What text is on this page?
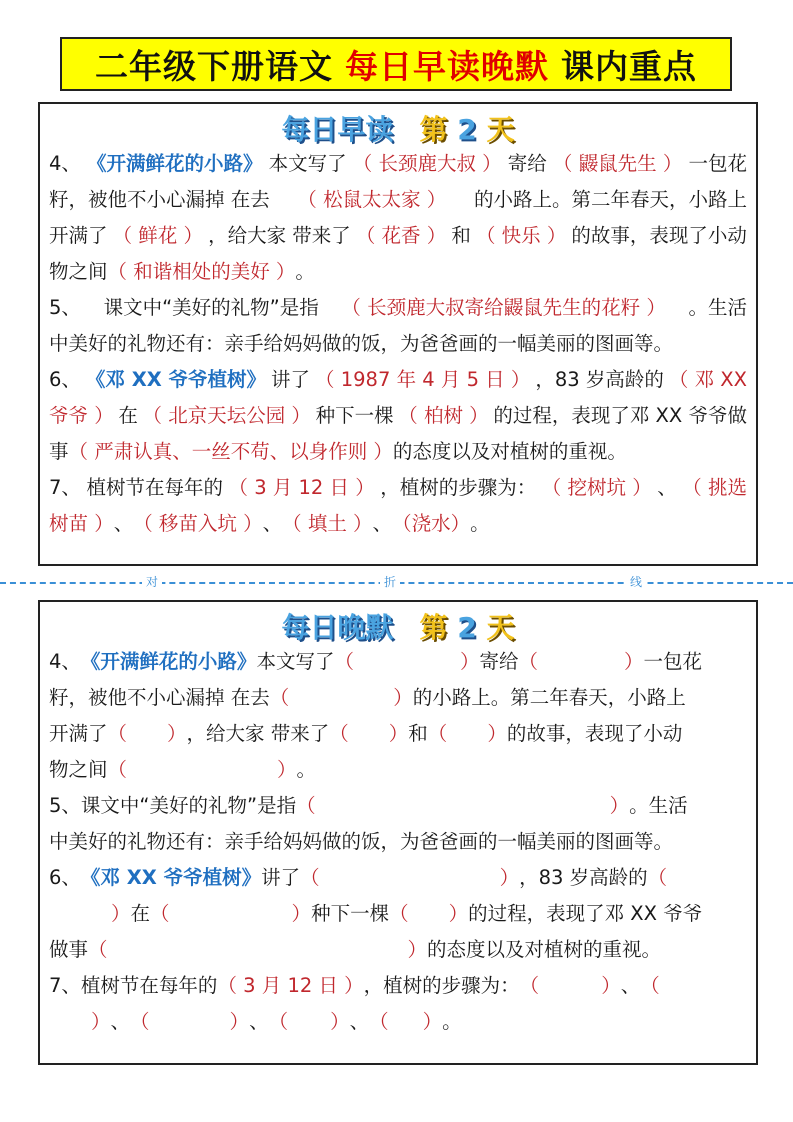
二年级下册语文 每日早读晚默 课内重点
每日早读 第 2 天
4、 《开满鲜花的小路》 本文写了 （ 长颈鹿大叔 ） 寄给 （ 鼹鼠先生 ） 一包花
籽，被他不小心漏掉 在去 （ 松鼠太太家 ） 的小路上。第二年春天，小路上
开满了 （ 鲜花 ） ，给大家 带来了 （ 花香 ） 和 （ 快乐 ） 的故事，表现了小动
物之间 （ 和谐相处的美好 ） 。
5、 课文中“美好的礼物”是指 （ 长颈鹿大叔寄给鼹鼠先生的花籽 ） 。生活
中美好的礼物还有：亲手给妈妈做的饭，为爸爸画的一幅美丽的图画等。
6、 《邓 XX 爷爷植树》 讲了 （ 1987 年 4 月 5 日 ） ，83 岁高龄的 （ 邓 XX
爷爷 ） 在 （ 北京天坛公园 ） 种下一棵 （ 柏树 ） 的过程，表现了邓 XX 爷爷做
事 （ 严肃认真、一丝不苟、以身作则 ） 的态度以及对植树的重视。
7、 植树节在每年的 （ 3 月 12 日 ） ，植树的步骤为： （ 挖树坑 ） 、 （ 挑选
树苗 ） 、 （ 移苗入坑 ） 、 （ 填土 ） 、 （浇水） 。
对	折	线
每日晚默 第 2 天
4、 《开满鲜花的小路》 本文写了 （	） 寄给 （	） 一包花
籽，被他不小心漏掉 在去 （	） 的小路上。第二年春天，小路上
开满了 （ ） ，给大家 带来了 （ ） 和 （ ） 的故事，表现了小动
物之间 （	） 。
5、 课文中“美好的礼物”是指 （	） 。生活
中美好的礼物还有：亲手给妈妈做的饭，为爸爸画的一幅美丽的图画等。
6、 《邓 XX 爷爷植树》 讲了 （	） ，83 岁高龄的 （
） 在 （	） 种下一棵 （ ） 的过程，表现了邓 XX 爷爷
做事 （	） 的态度以及对植树的重视。
7、 植树节在每年的 （ 3 月 12 日 ） ，植树的步骤为： （	） 、 （
） 、 （	） 、 （ ） 、 （ ） 。
